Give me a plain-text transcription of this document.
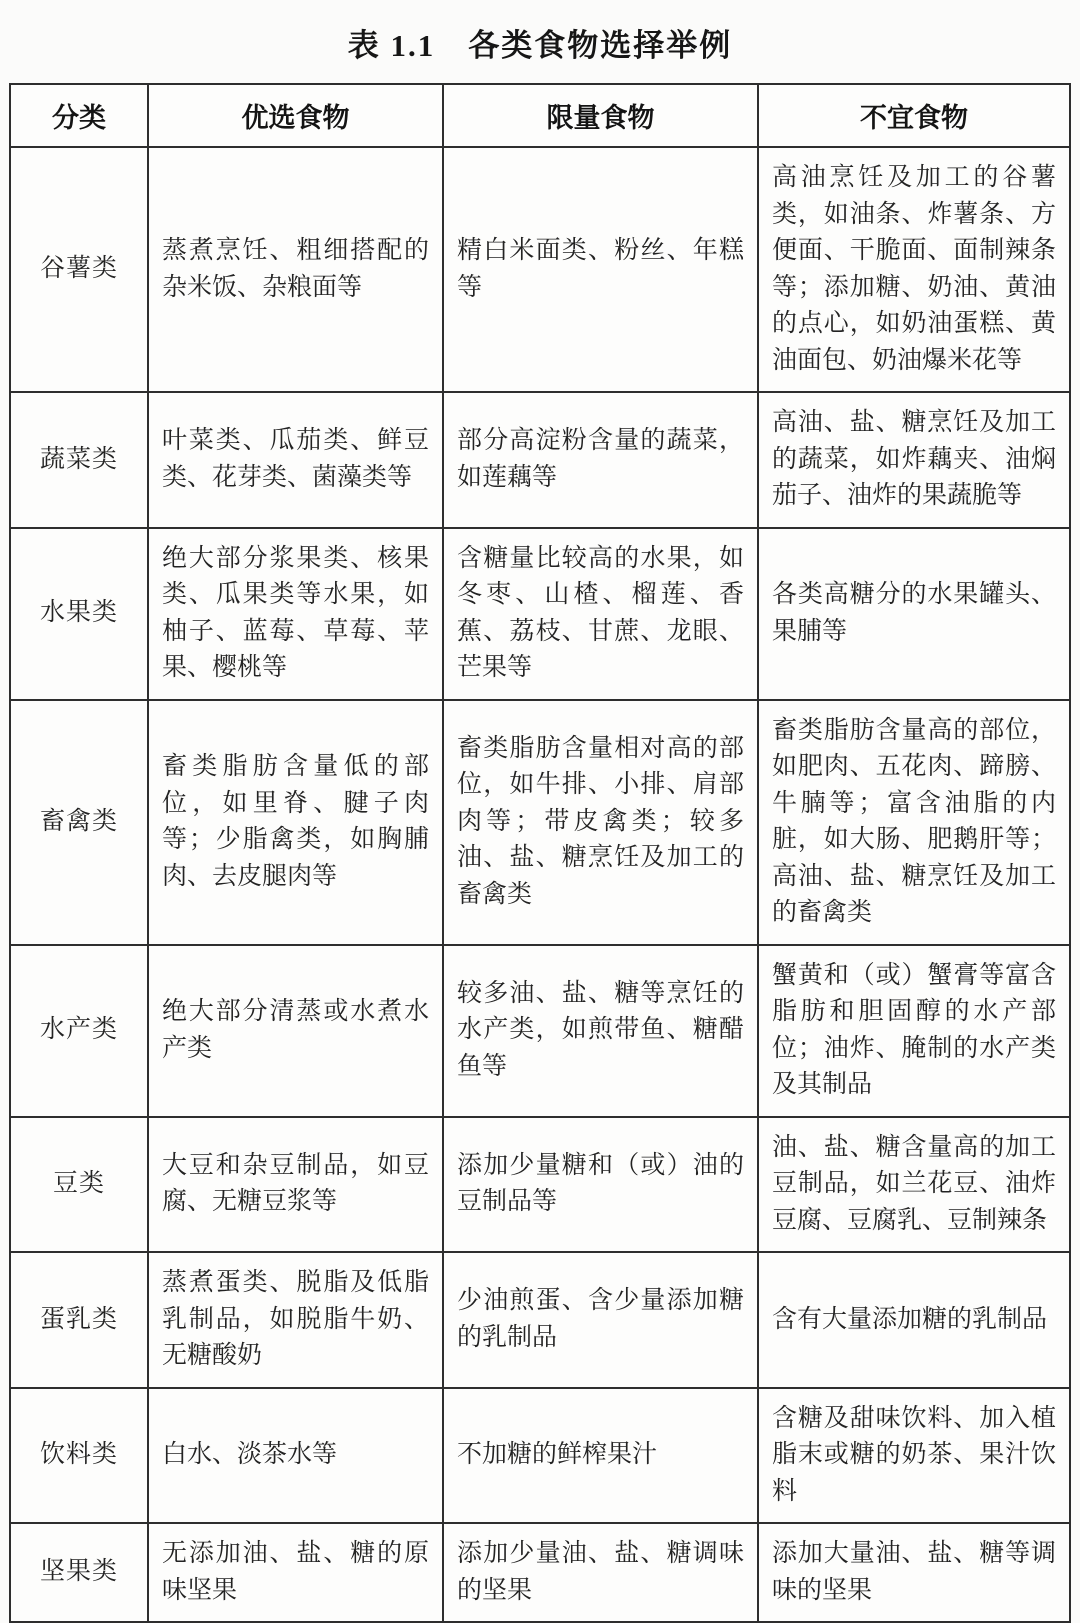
表 1.1　各类食物选择举例
分类	优选食物	限量食物	不宜食物
谷薯类	蒸煮烹饪、粗细搭配的杂米饭、杂粮面等	精白米面类、粉丝、年糕等	高油烹饪及加工的谷薯类，如油条、炸薯条、方便面、干脆面、面制辣条等；添加糖、奶油、黄油的点心，如奶油蛋糕、黄油面包、奶油爆米花等
蔬菜类	叶菜类、瓜茄类、鲜豆类、花芽类、菌藻类等	部分高淀粉含量的蔬菜，如莲藕等	高油、盐、糖烹饪及加工的蔬菜，如炸藕夹、油焖茄子、油炸的果蔬脆等
水果类	绝大部分浆果类、核果类、瓜果类等水果，如柚子、蓝莓、草莓、苹果、樱桃等	含糖量比较高的水果，如冬枣、山楂、榴莲、香蕉、荔枝、甘蔗、龙眼、芒果等	各类高糖分的水果罐头、果脯等
畜禽类	畜类脂肪含量低的部位，如里脊、腱子肉等；少脂禽类，如胸脯肉、去皮腿肉等	畜类脂肪含量相对高的部位，如牛排、小排、肩部肉等；带皮禽类；较多油、盐、糖烹饪及加工的畜禽类	畜类脂肪含量高的部位，如肥肉、五花肉、蹄膀、牛腩等；富含油脂的内脏，如大肠、肥鹅肝等；高油、盐、糖烹饪及加工的畜禽类
水产类	绝大部分清蒸或水煮水产类	较多油、盐、糖等烹饪的水产类，如煎带鱼、糖醋鱼等	蟹黄和（或）蟹膏等富含脂肪和胆固醇的水产部位；油炸、腌制的水产类及其制品
豆类	大豆和杂豆制品，如豆腐、无糖豆浆等	添加少量糖和（或）油的豆制品等	油、盐、糖含量高的加工豆制品，如兰花豆、油炸豆腐、豆腐乳、豆制辣条
蛋乳类	蒸煮蛋类、脱脂及低脂乳制品，如脱脂牛奶、无糖酸奶	少油煎蛋、含少量添加糖的乳制品	含有大量添加糖的乳制品
饮料类	白水、淡茶水等	不加糖的鲜榨果汁	含糖及甜味饮料、加入植脂末或糖的奶茶、果汁饮料
坚果类	无添加油、盐、糖的原味坚果	添加少量油、盐、糖调味的坚果	添加大量油、盐、糖等调味的坚果
